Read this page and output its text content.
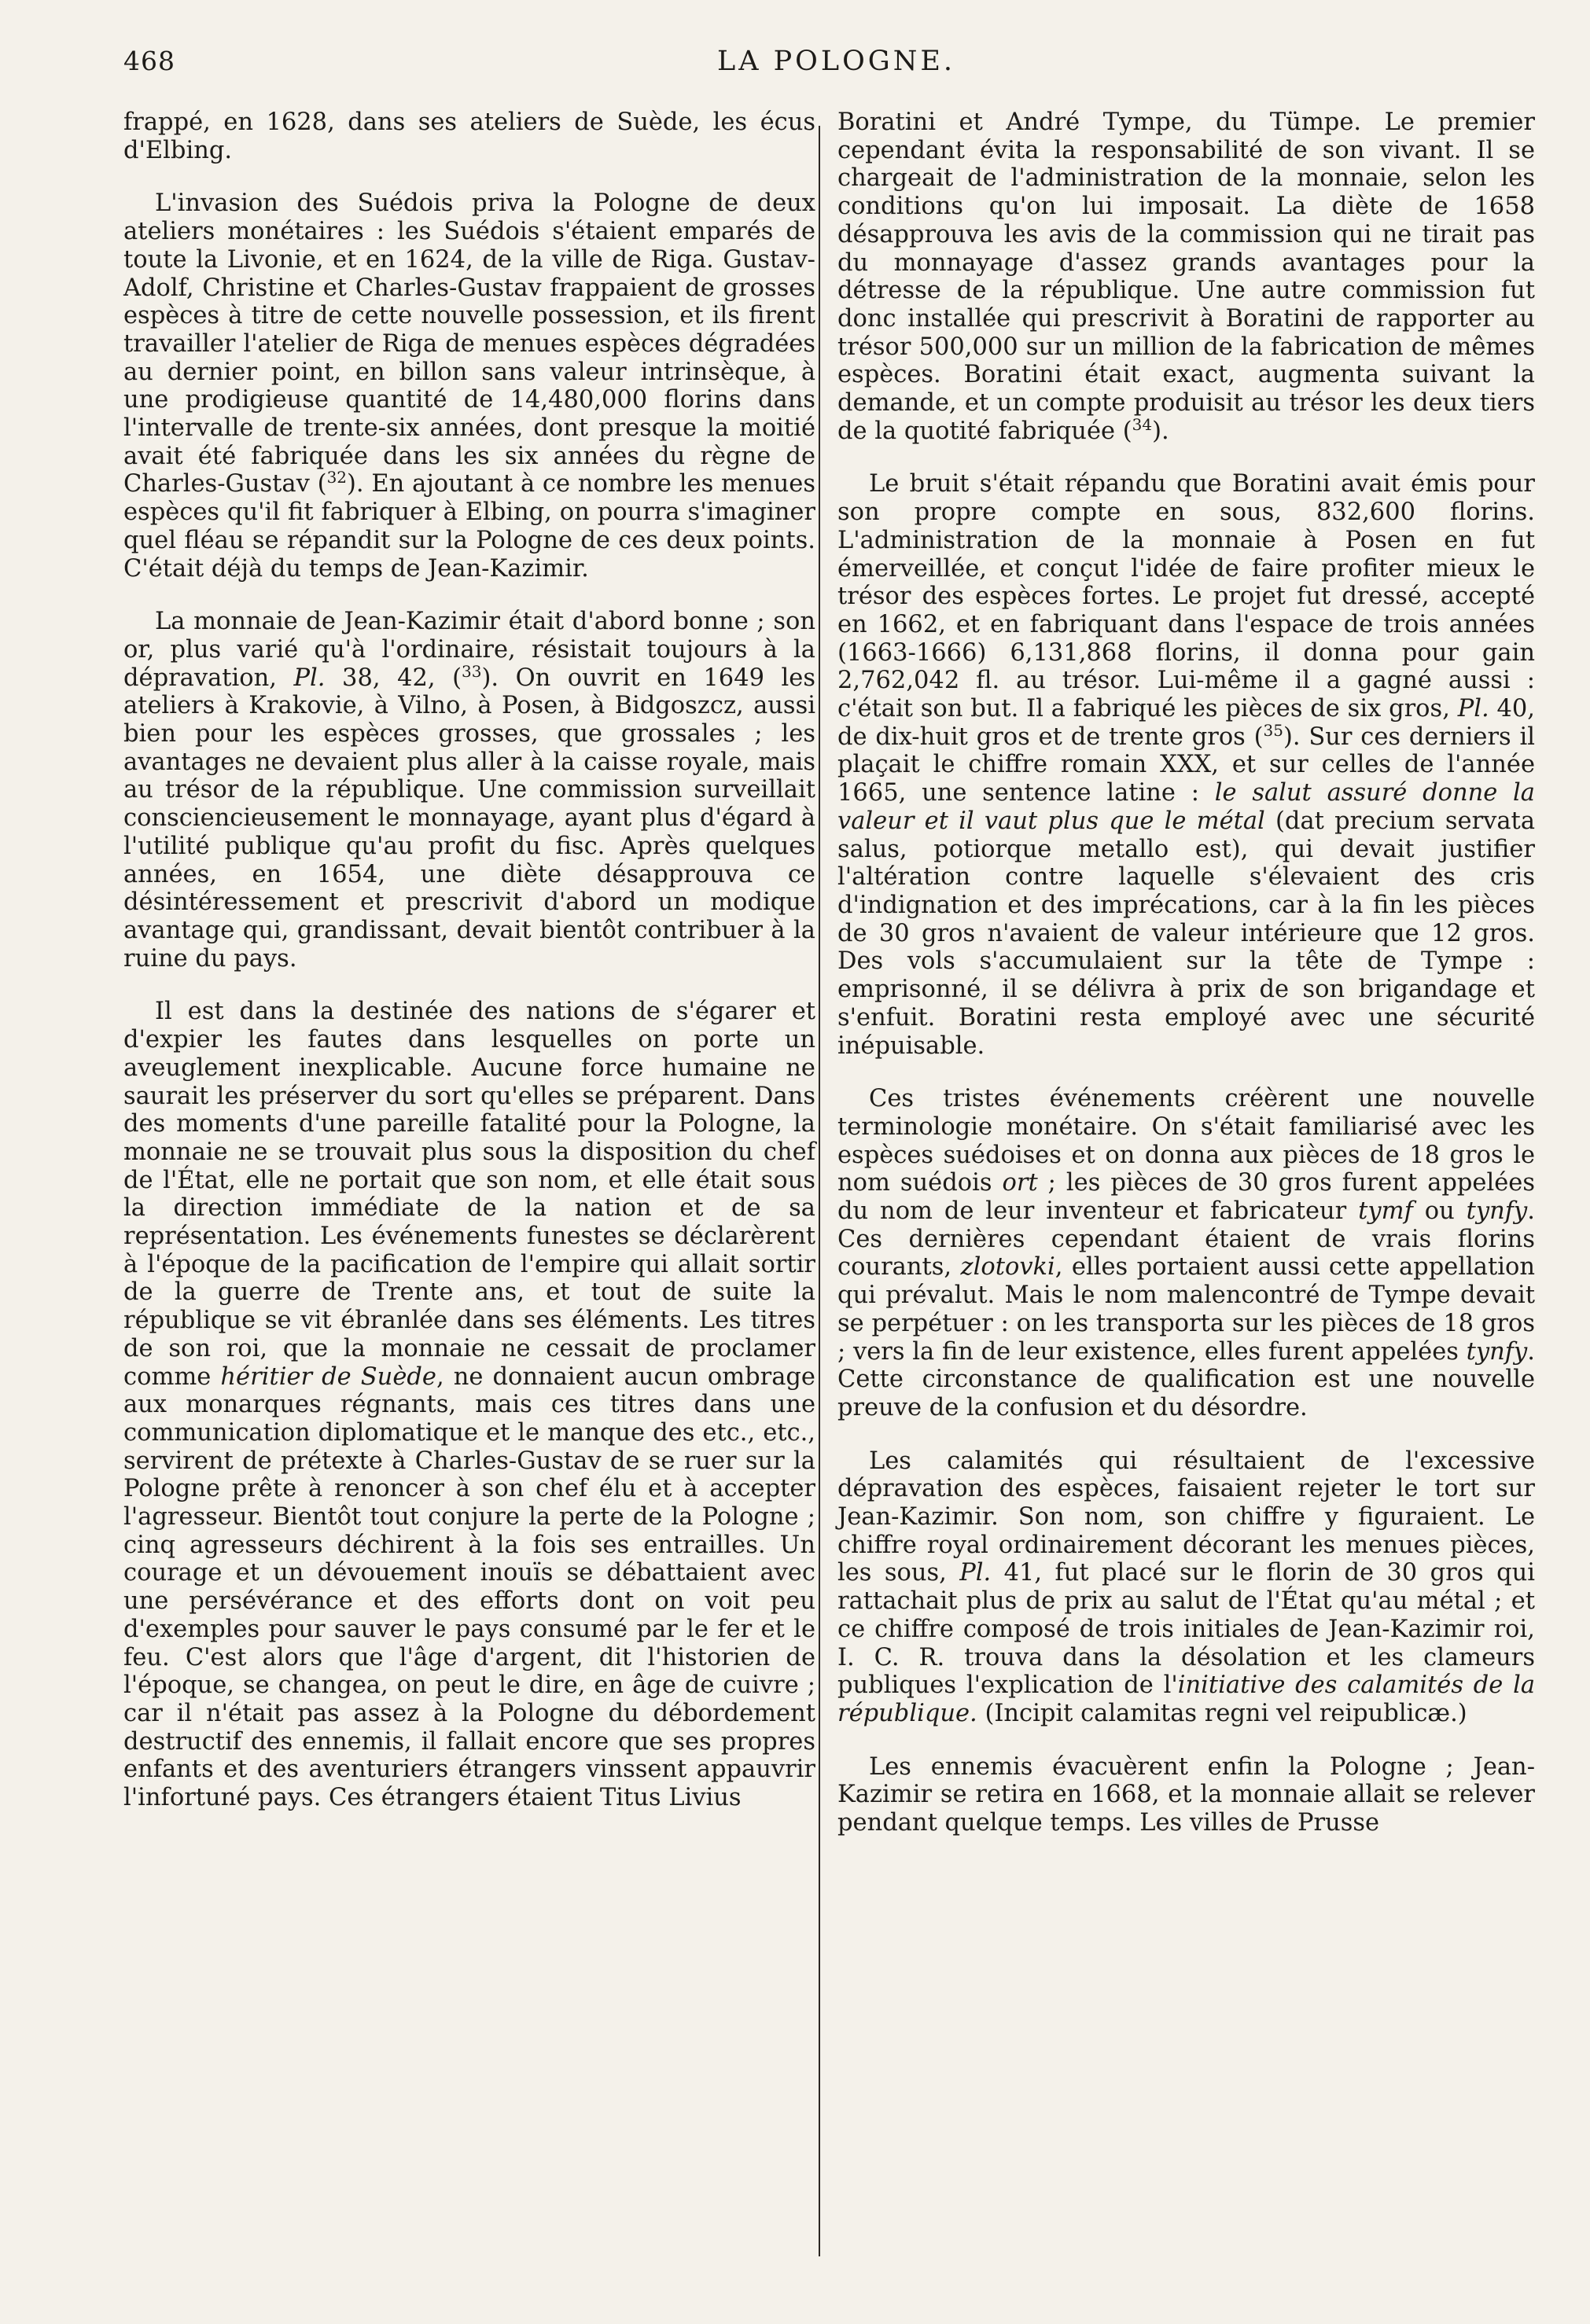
468	LA POLOGNE.

frappé, en 1628, dans ses ateliers de Suède, les écus d'Elbing.

L'invasion des Suédois priva la Pologne de deux ateliers monétaires : les Suédois s'étaient emparés de toute la Livonie, et en 1624, de la ville de Riga. Gustav-Adolf, Christine et Charles-Gustav frappaient de grosses espèces à titre de cette nouvelle possession, et ils firent travailler l'atelier de Riga de menues espèces dégradées au dernier point, en billon sans valeur intrinsèque, à une prodigieuse quantité de 14,480,000 florins dans l'intervalle de trente-six années, dont presque la moitié avait été fabriquée dans les six années du règne de Charles-Gustav ($^{32}$). En ajoutant à ce nombre les menues espèces qu'il fit fabriquer à Elbing, on pourra s'imaginer quel fléau se répandit sur la Pologne de ces deux points. C'était déjà du temps de Jean-Kazimir.

La monnaie de Jean-Kazimir était d'abord bonne ; son or, plus varié qu'à l'ordinaire, résistait toujours à la dépravation, Pl. 38, 42, ($^{33}$). On ouvrit en 1649 les ateliers à Krakovie, à Vilno, à Posen, à Bidgoszcz, aussi bien pour les espèces grosses, que grossales ; les avantages ne devaient plus aller à la caisse royale, mais au trésor de la république. Une commission surveillait consciencieusement le monnayage, ayant plus d'égard à l'utilité publique qu'au profit du fisc. Après quelques années, en 1654, une diète désapprouva ce désintéressement et prescrivit d'abord un modique avantage qui, grandissant, devait bientôt contribuer à la ruine du pays.

Il est dans la destinée des nations de s'égarer et d'expier les fautes dans lesquelles on porte un aveuglement inexplicable. Aucune force humaine ne saurait les préserver du sort qu'elles se préparent. Dans des moments d'une pareille fatalité pour la Pologne, la monnaie ne se trouvait plus sous la disposition du chef de l'État, elle ne portait que son nom, et elle était sous la direction immédiate de la nation et de sa représentation. Les événements funestes se déclarèrent à l'époque de la pacification de l'empire qui allait sortir de la guerre de Trente ans, et tout de suite la république se vit ébranlée dans ses éléments. Les titres de son roi, que la monnaie ne cessait de proclamer comme héritier de Suède, ne donnaient aucun ombrage aux monarques régnants, mais ces titres dans une communication diplomatique et le manque des etc., etc., servirent de prétexte à Charles-Gustav de se ruer sur la Pologne prête à renoncer à son chef élu et à accepter l'agresseur. Bientôt tout conjure la perte de la Pologne ; cinq agresseurs déchirent à la fois ses entrailles. Un courage et un dévouement inouïs se débattaient avec une persévérance et des efforts dont on voit peu d'exemples pour sauver le pays consumé par le fer et le feu. C'est alors que l'âge d'argent, dit l'historien de l'époque, se changea, on peut le dire, en âge de cuivre ; car il n'était pas assez à la Pologne du débordement destructif des ennemis, il fallait encore que ses propres enfants et des aventuriers étrangers vinssent appauvrir l'infortuné pays. Ces étrangers étaient Titus Livius

Boratini et André Tympe, du Tümpe. Le premier cependant évita la responsabilité de son vivant. Il se chargeait de l'administration de la monnaie, selon les conditions qu'on lui imposait. La diète de 1658 désapprouva les avis de la commission qui ne tirait pas du monnayage d'assez grands avantages pour la détresse de la république. Une autre commission fut donc installée qui prescrivit à Boratini de rapporter au trésor 500,000 sur un million de la fabrication de mêmes espèces. Boratini était exact, augmenta suivant la demande, et un compte produisit au trésor les deux tiers de la quotité fabriquée ($^{34}$).

Le bruit s'était répandu que Boratini avait émis pour son propre compte en sous, 832,600 florins. L'administration de la monnaie à Posen en fut émerveillée, et conçut l'idée de faire profiter mieux le trésor des espèces fortes. Le projet fut dressé, accepté en 1662, et en fabriquant dans l'espace de trois années (1663-1666) 6,131,868 florins, il donna pour gain 2,762,042 fl. au trésor. Lui-même il a gagné aussi : c'était son but. Il a fabriqué les pièces de six gros, Pl. 40, de dix-huit gros et de trente gros ($^{35}$). Sur ces derniers il plaçait le chiffre romain XXX, et sur celles de l'année 1665, une sentence latine : le salut assuré donne la valeur et il vaut plus que le métal (dat precium servata salus, potiorque metallo est), qui devait justifier l'altération contre laquelle s'élevaient des cris d'indignation et des imprécations, car à la fin les pièces de 30 gros n'avaient de valeur intérieure que 12 gros. Des vols s'accumulaient sur la tête de Tympe : emprisonné, il se délivra à prix de son brigandage et s'enfuit. Boratini resta employé avec une sécurité inépuisable.

Ces tristes événements créèrent une nouvelle terminologie monétaire. On s'était familiarisé avec les espèces suédoises et on donna aux pièces de 18 gros le nom suédois ort ; les pièces de 30 gros furent appelées du nom de leur inventeur et fabricateur tymf ou tynfy. Ces dernières cependant étaient de vrais florins courants, zlotovki, elles portaient aussi cette appellation qui prévalut. Mais le nom malencontré de Tympe devait se perpétuer : on les transporta sur les pièces de 18 gros ; vers la fin de leur existence, elles furent appelées tynfy. Cette circonstance de qualification est une nouvelle preuve de la confusion et du désordre.

Les calamités qui résultaient de l'excessive dépravation des espèces, faisaient rejeter le tort sur Jean-Kazimir. Son nom, son chiffre y figuraient. Le chiffre royal ordinairement décorant les menues pièces, les sous, Pl. 41, fut placé sur le florin de 30 gros qui rattachait plus de prix au salut de l'État qu'au métal ; et ce chiffre composé de trois initiales de Jean-Kazimir roi, I. C. R. trouva dans la désolation et les clameurs publiques l'explication de l'initiative des calamités de la république. (Incipit calamitas regni vel reipublicæ.)

Les ennemis évacuèrent enfin la Pologne ; Jean-Kazimir se retira en 1668, et la monnaie allait se relever pendant quelque temps. Les villes de Prusse
